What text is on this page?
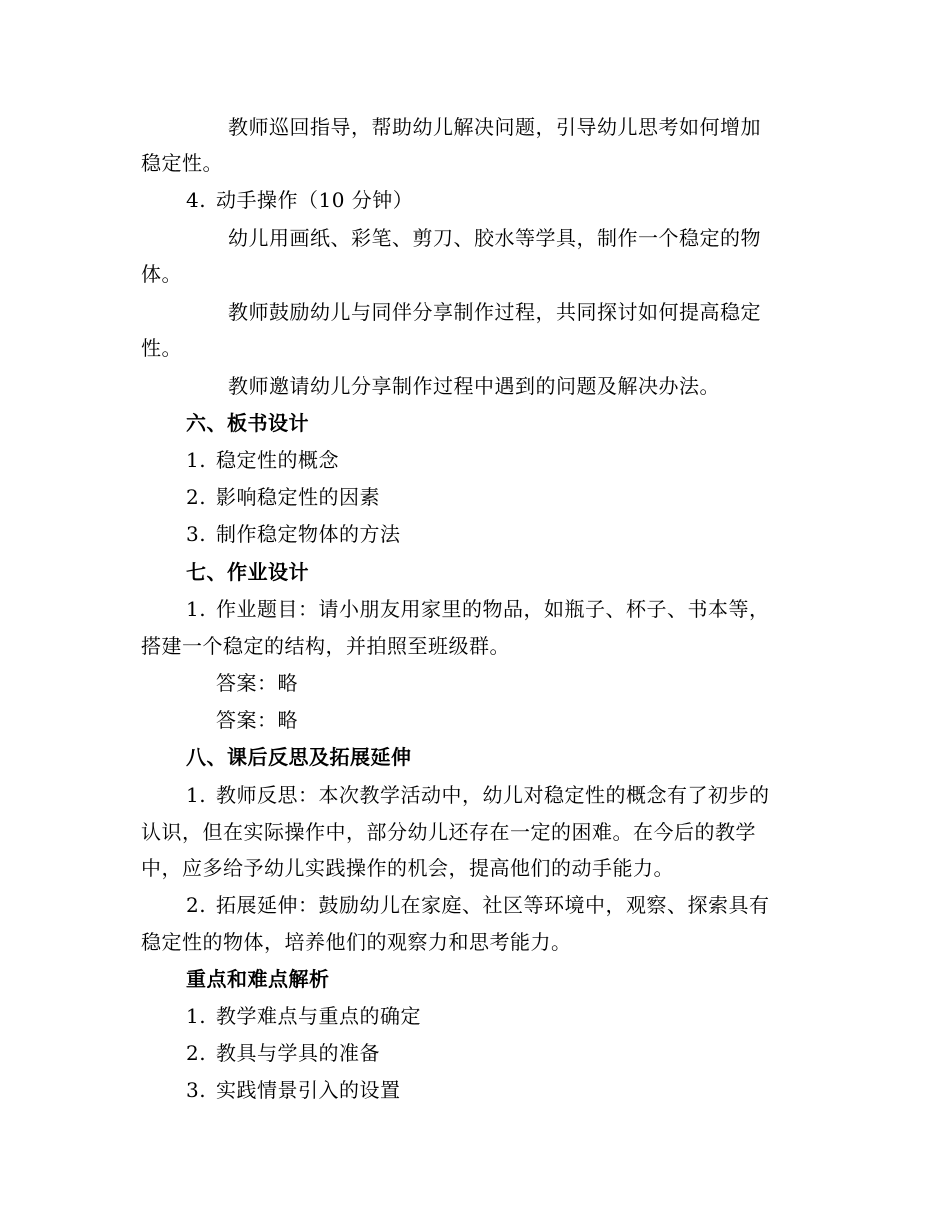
教师巡回指导，帮助幼儿解决问题，引导幼儿思考如何增加
稳定性。
4. 动手操作（10 分钟）
幼儿用画纸、彩笔、剪刀、胶水等学具，制作一个稳定的物
体。
教师鼓励幼儿与同伴分享制作过程，共同探讨如何提高稳定
性。
教师邀请幼儿分享制作过程中遇到的问题及解决办法。
六、板书设计
1. 稳定性的概念
2. 影响稳定性的因素
3. 制作稳定物体的方法
七、作业设计
1. 作业题目：请小朋友用家里的物品，如瓶子、杯子、书本等，
搭建一个稳定的结构，并拍照至班级群。
答案：略
答案：略
八、课后反思及拓展延伸
1. 教师反思：本次教学活动中，幼儿对稳定性的概念有了初步的
认识，但在实际操作中，部分幼儿还存在一定的困难。在今后的教学
中，应多给予幼儿实践操作的机会，提高他们的动手能力。
2. 拓展延伸：鼓励幼儿在家庭、社区等环境中，观察、探索具有
稳定性的物体，培养他们的观察力和思考能力。
重点和难点解析
1. 教学难点与重点的确定
2. 教具与学具的准备
3. 实践情景引入的设置
